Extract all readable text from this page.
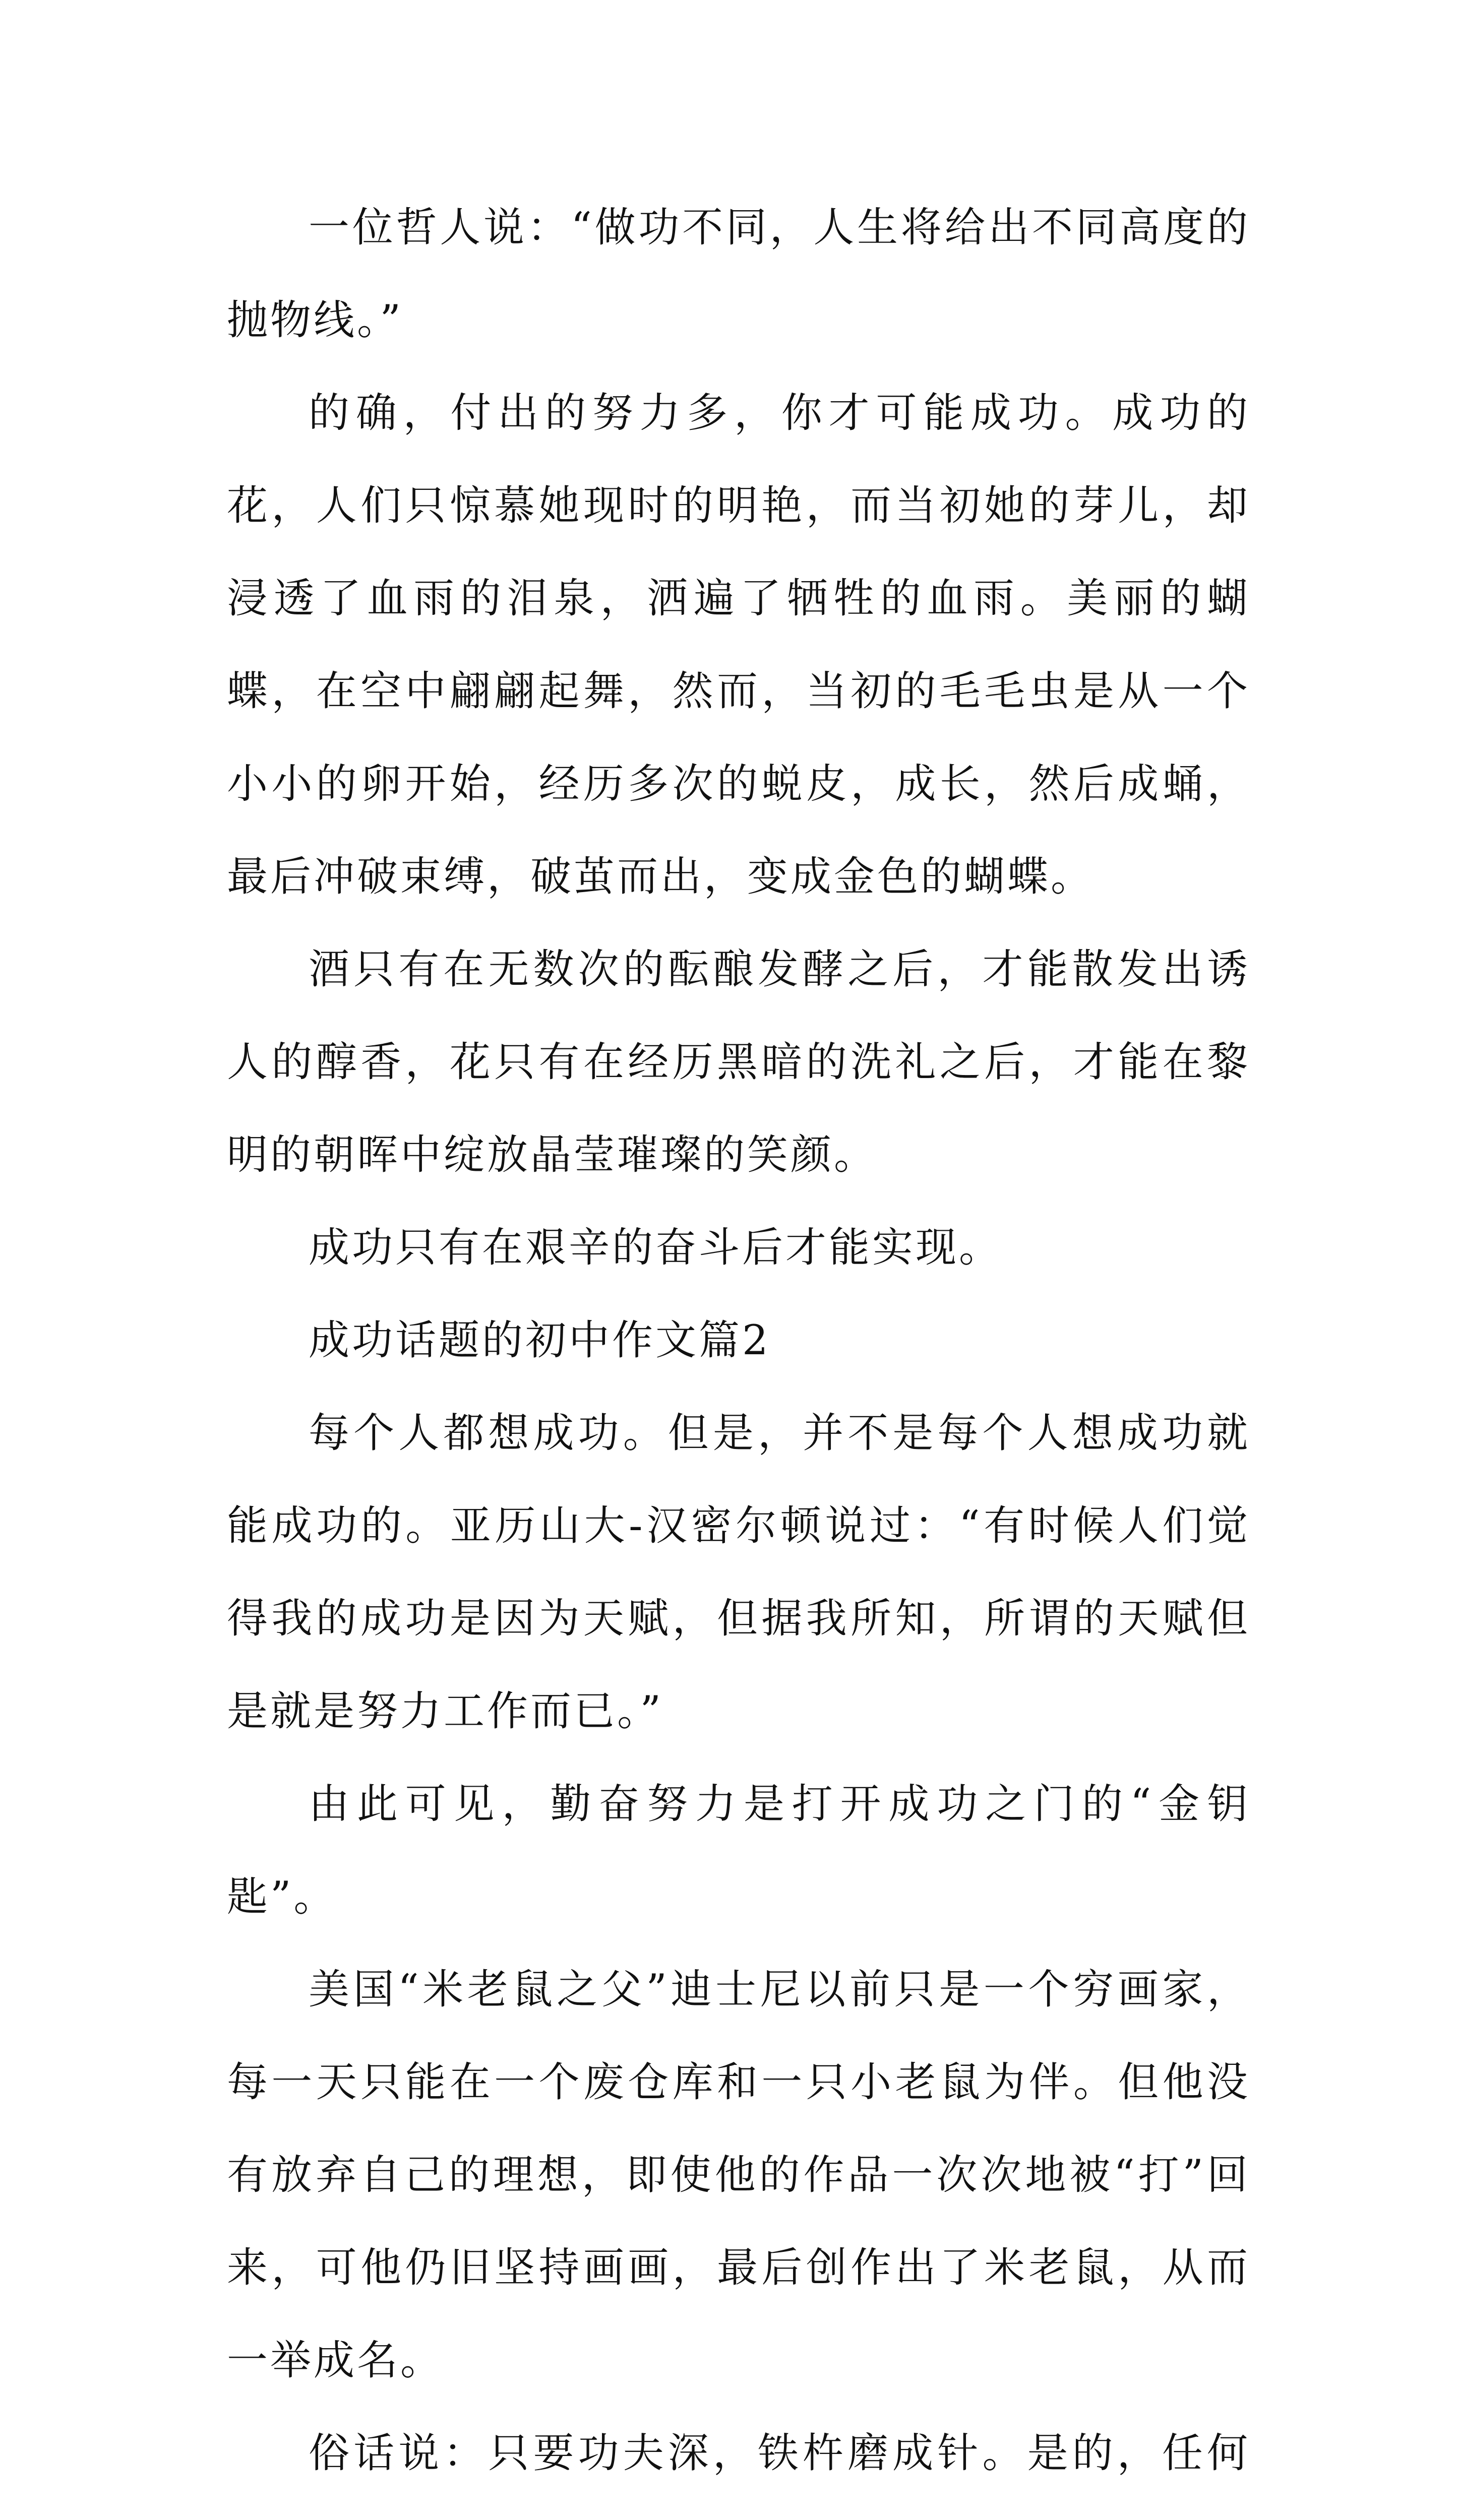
一位哲人说：“做功不同，人生将给出不同高度的抛物线。”

的确，付出的努力多，你才可能成功。成功的花，人们只惊慕她现时的明艳，而当初她的芽儿，却浸透了血雨的泪泉，洒遍了牺牲的血雨。美丽的蝴蝶，在空中翩翩起舞，然而，当初的毛毛虫是从一个小小的卵开始，经历多次的蜕皮，成长，然后成蛹，最后冲破束缚，破茧而出，变成金色的蝴蝶。

酒只有在无数次的酝酿发酵之后，才能散发出诱人的醇香，花只有在经历黑暗的洗礼之后，才能在黎明的朝晖中绽放晶莹璀璨的笑颜。

成功只有在艰辛的奋斗后才能实现。

成功话题的初中作文篇2

每个人都想成功。但是，并不是每个人想成功就能成功的。亚历山大-汉密尔顿说过：“有时候人们觉得我的成功是因为天赋，但据我所知，所谓的天赋但是就是努力工作而已。”

由此可见，勤奋努力是打开成功之门的“金钥匙”。

美国“米老鼠之父”迪士尼以前只是一个穷画家，每一天只能在一个废仓库和一只小老鼠为伴。但他没有放弃自己的理想，即使他的作品一次次地被“打”回来，可他仍旧坚持画画，最后创作出了米老鼠，从而一举成名。

俗话说：只要功夫深，铁杵磨成针。是的，任何
